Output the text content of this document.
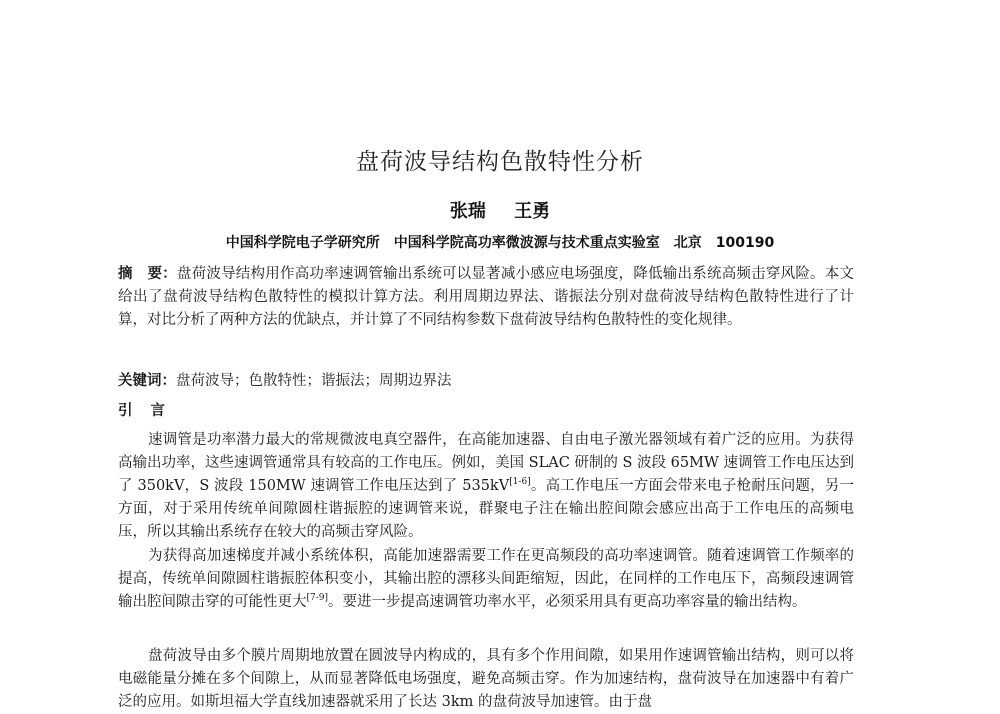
盘荷波导结构色散特性分析
张瑞 王勇
中国科学院电子学研究所　中国科学院高功率微波源与技术重点实验室　北京　100190
摘　要：盘荷波导结构用作高功率速调管输出系统可以显著减小感应电场强度，降低输出系统高频击穿风险。本文给出了盘荷波导结构色散特性的模拟计算方法。利用周期边界法、谐振法分别对盘荷波导结构色散特性进行了计算，对比分析了两种方法的优缺点，并计算了不同结构参数下盘荷波导结构色散特性的变化规律。
关键词：盘荷波导；色散特性；谐振法；周期边界法
引言
速调管是功率潜力最大的常规微波电真空器件，在高能加速器、自由电子激光器领域有着广泛的应用。为获得高输出功率，这些速调管通常具有较高的工作电压。例如，美国 SLAC 研制的 S 波段 65MW 速调管工作电压达到了 350kV，S 波段 150MW 速调管工作电压达到了 535kV[1-6]。高工作电压一方面会带来电子枪耐压问题，另一方面，对于采用传统单间隙圆柱谐振腔的速调管来说，群聚电子注在输出腔间隙会感应出高于工作电压的高频电压，所以其输出系统存在较大的高频击穿风险。
为获得高加速梯度并减小系统体积，高能加速器需要工作在更高频段的高功率速调管。随着速调管工作频率的提高，传统单间隙圆柱谐振腔体积变小，其输出腔的漂移头间距缩短，因此，在同样的工作电压下，高频段速调管输出腔间隙击穿的可能性更大[7-9]。要进一步提高速调管功率水平，必须采用具有更高功率容量的输出结构。
盘荷波导由多个膜片周期地放置在圆波导内构成的，具有多个作用间隙，如果用作速调管输出结构，则可以将电磁能量分摊在多个间隙上，从而显著降低电场强度，避免高频击穿。作为加速结构，盘荷波导在加速器中有着广泛的应用。如斯坦福大学直线加速器就采用了长达 3km 的盘荷波导加速管。由于盘
